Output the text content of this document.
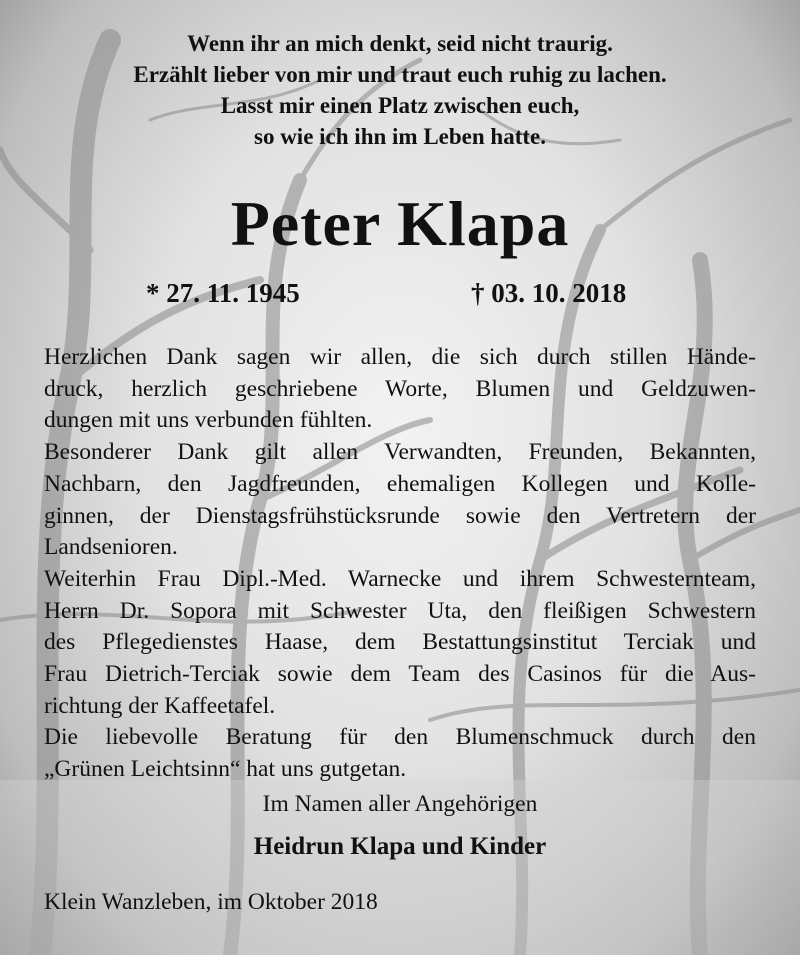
Wenn ihr an mich denkt, seid nicht traurig.
Erzählt lieber von mir und traut euch ruhig zu lachen.
Lasst mir einen Platz zwischen euch,
so wie ich ihn im Leben hatte.
Peter Klapa
* 27. 11. 1945	† 03. 10. 2018
Herzlichen Dank sagen wir allen, die sich durch stillen Hände-
druck, herzlich geschriebene Worte, Blumen und Geldzuwen-
dungen mit uns verbunden fühlten.
Besonderer Dank gilt allen Verwandten, Freunden, Bekannten,
Nachbarn, den Jagdfreunden, ehemaligen Kollegen und Kolle-
ginnen, der Dienstagsfrühstücksrunde sowie den Vertretern der
Landsenioren.
Weiterhin Frau Dipl.-Med. Warnecke und ihrem Schwesternteam,
Herrn Dr. Sopora mit Schwester Uta, den fleißigen Schwestern
des Pflegedienstes Haase, dem Bestattungsinstitut Terciak und
Frau Dietrich-Terciak sowie dem Team des Casinos für die Aus-
richtung der Kaffeetafel.
Die liebevolle Beratung für den Blumenschmuck durch den
„Grünen Leichtsinn“ hat uns gutgetan.
Im Namen aller Angehörigen
Heidrun Klapa und Kinder
Klein Wanzleben, im Oktober 2018
